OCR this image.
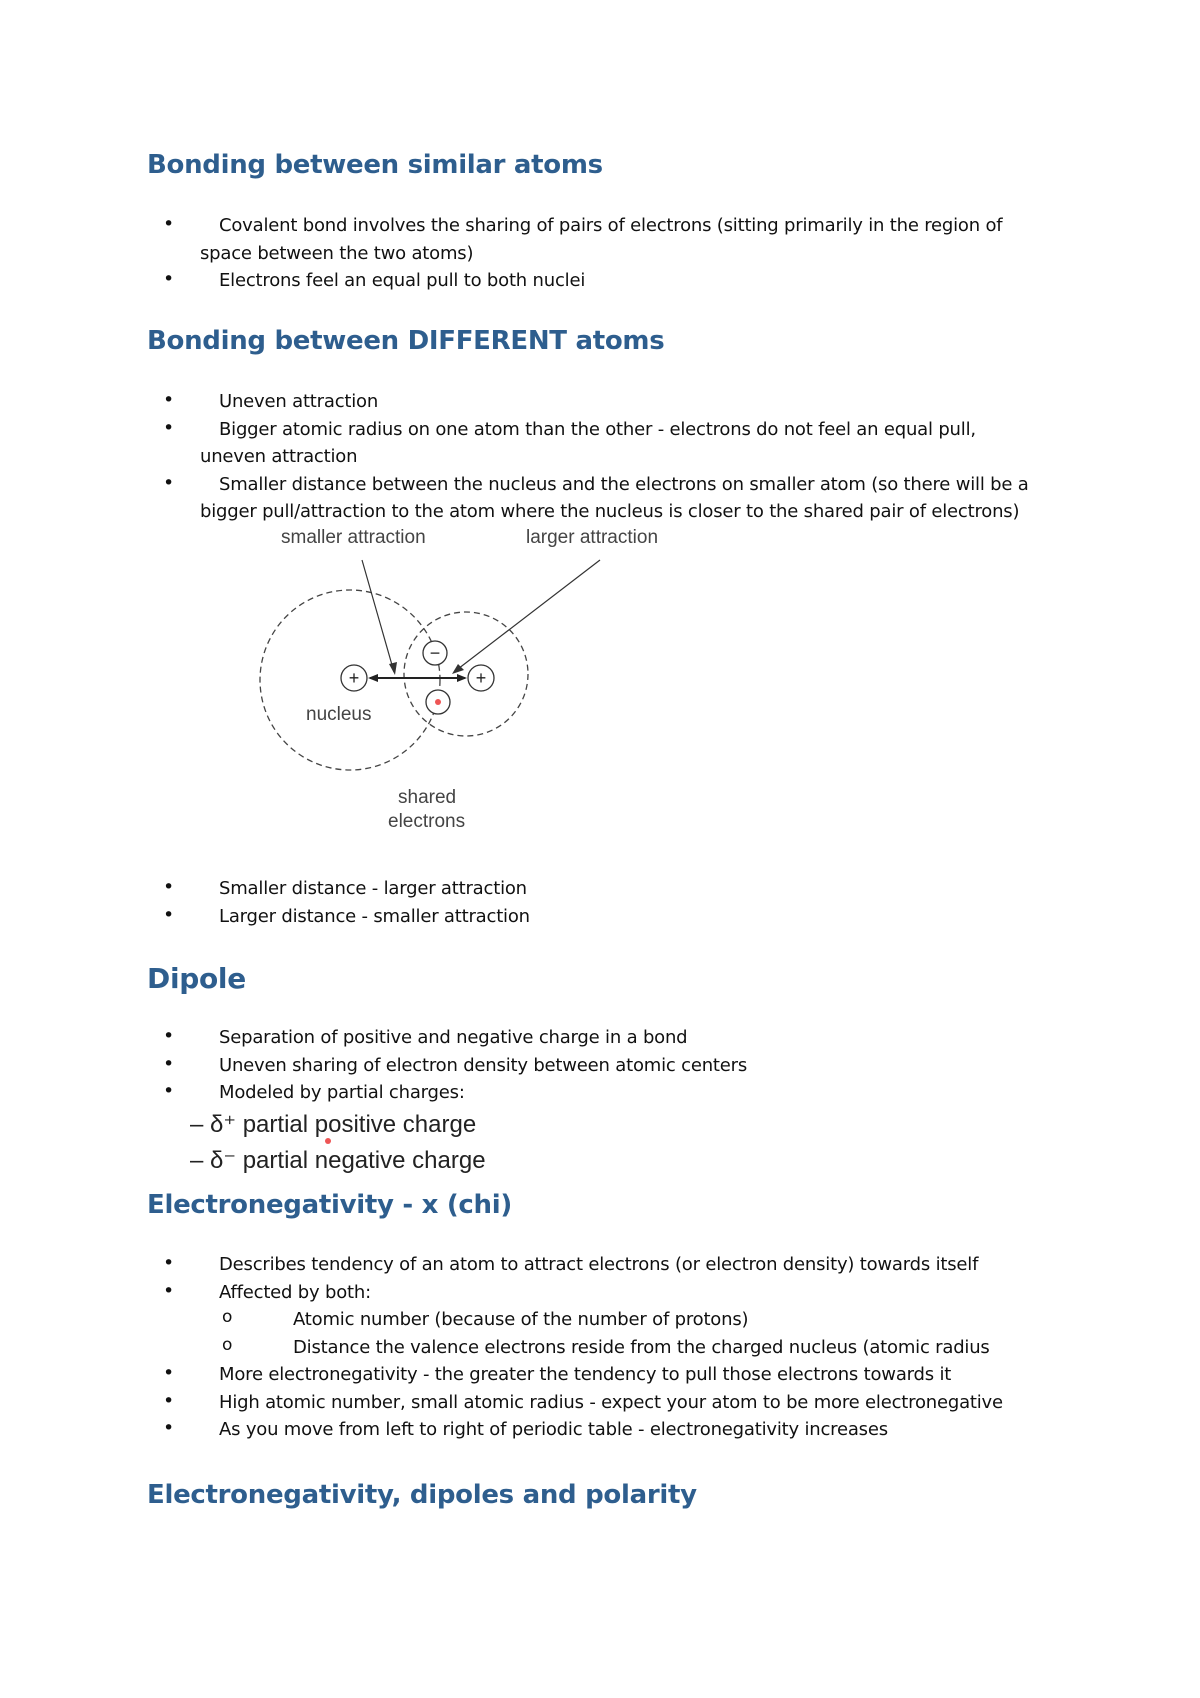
Bonding between similar atoms
• Covalent bond involves the sharing of pairs of electrons (sitting primarily in the region of
space between the two atoms)
• Electrons feel an equal pull to both nuclei
Bonding between DIFFERENT atoms
• Uneven attraction
• Bigger atomic radius on one atom than the other - electrons do not feel an equal pull,
uneven attraction
• Smaller distance between the nucleus and the electrons on smaller atom (so there will be a
bigger pull/attraction to the atom where the nucleus is closer to the shared pair of electrons)
+	+
−
smaller attraction	larger attraction
nucleus
shared
electrons
• Smaller distance - larger attraction
• Larger distance - smaller attraction
Dipole
• Separation of positive and negative charge in a bond
• Uneven sharing of electron density between atomic centers
• Modeled by partial charges:
– δ⁺ partial positive charge
– δ⁻ partial negative charge
Electronegativity - x (chi)
• Describes tendency of an atom to attract electrons (or electron density) towards itself
• Affected by both:
o Atomic number (because of the number of protons)
o Distance the valence electrons reside from the charged nucleus (atomic radius
• More electronegativity - the greater the tendency to pull those electrons towards it
• High atomic number, small atomic radius - expect your atom to be more electronegative
• As you move from left to right of periodic table - electronegativity increases
Electronegativity, dipoles and polarity
